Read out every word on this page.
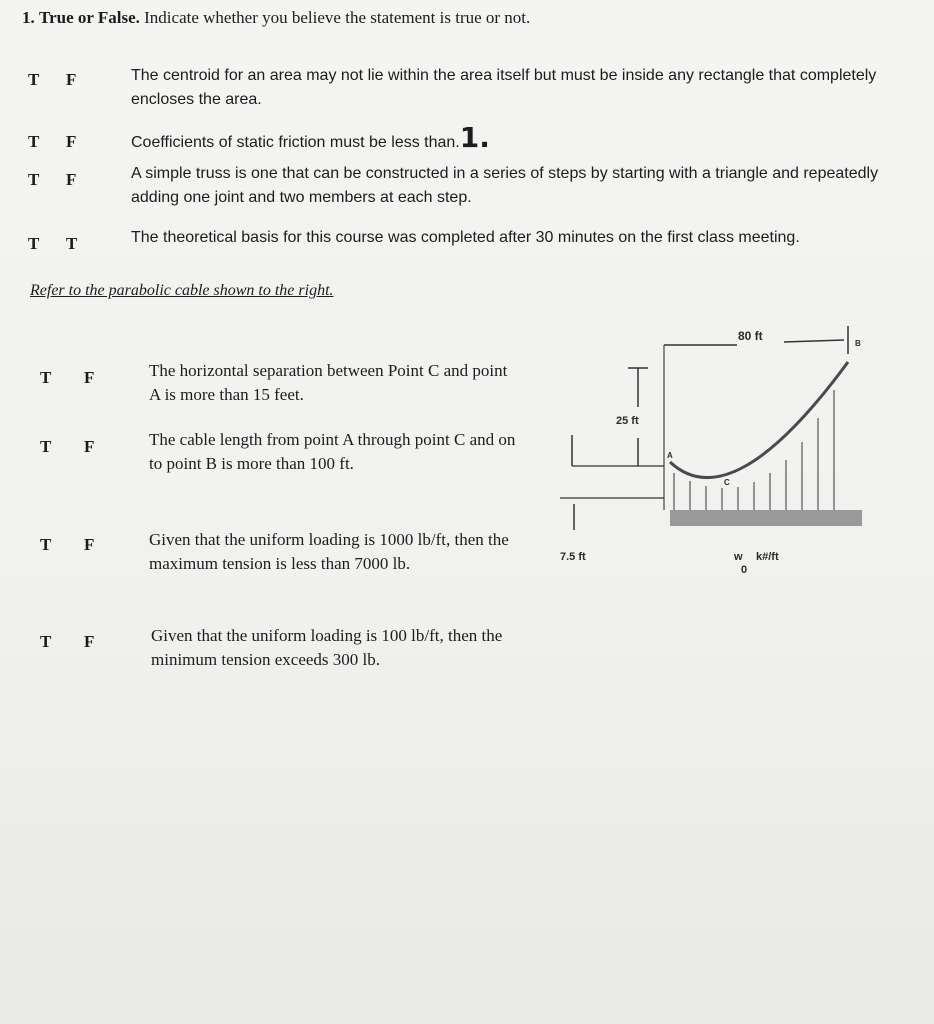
1. True or False. Indicate whether you believe the statement is true or not.
T F	The centroid for an area may not lie within the area itself but must be inside any rectangle that completely encloses the area.
T F	Coefficients of static friction must be less than.1.
T F	A simple truss is one that can be constructed in a series of steps by starting with a triangle and repeatedly adding one joint and two members at each step.
T T	The theoretical basis for this course was completed after 30 minutes on the first class meeting.
Refer to the parabolic cable shown to the right.
T F	The horizontal separation between Point C and point A is more than 15 feet.
T F	The cable length from point A through point C and on to point B is more than 100 ft.
T F	Given that the uniform loading is 1000 lb/ft, then the maximum tension is less than 7000 lb.
T F	Given that the uniform loading is 100 lb/ft, then the minimum tension exceeds 300 lb.
80 ft
B
25 ft
7.5 ft
A
C
w
0
k#/ft
